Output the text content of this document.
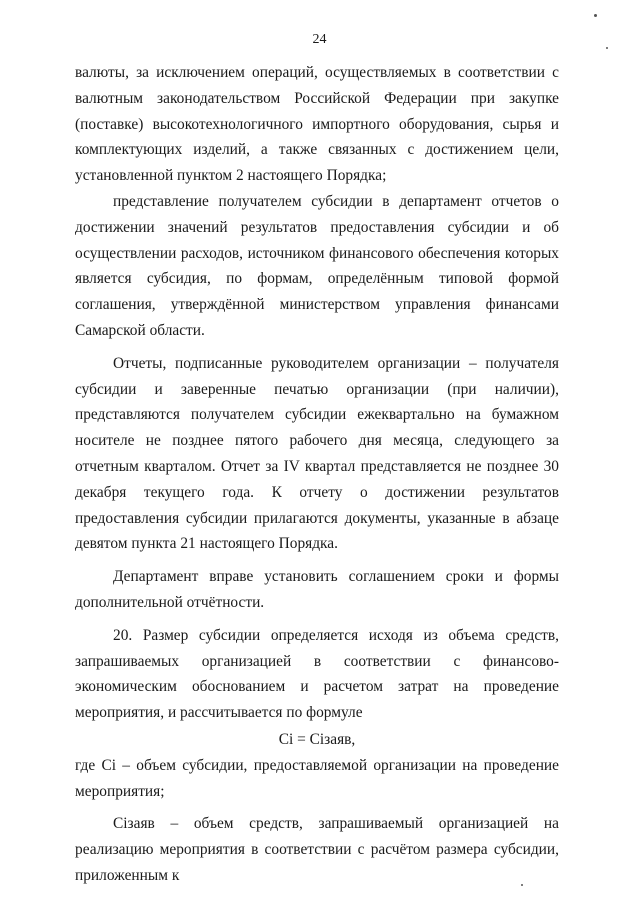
24

валюты, за исключением операций, осуществляемых в соответствии с валютным законодательством Российской Федерации при закупке (поставке) высокотехнологичного импортного оборудования, сырья и комплектующих изделий, а также связанных с достижением цели, установленной пунктом 2 настоящего Порядка;

представление получателем субсидии в департамент отчетов о достижении значений результатов предоставления субсидии и об осуществлении расходов, источником финансового обеспечения которых является субсидия, по формам, определённым типовой формой соглашения, утверждённой министерством управления финансами Самарской области.

Отчеты, подписанные руководителем организации – получателя субсидии и заверенные печатью организации (при наличии), представляются получателем субсидии ежеквартально на бумажном носителе не позднее пятого рабочего дня месяца, следующего за отчетным кварталом. Отчет за IV квартал представляется не позднее 30 декабря текущего года. К отчету о достижении результатов предоставления субсидии прилагаются документы, указанные в абзаце девятом пункта 21 настоящего Порядка.

Департамент вправе установить соглашением сроки и формы дополнительной отчётности.

20. Размер субсидии определяется исходя из объема средств, запрашиваемых организацией в соответствии с финансово-экономическим обоснованием и расчетом затрат на проведение мероприятия, и рассчитывается по формуле

Ci = Ciзаяв,

где Ci – объем субсидии, предоставляемой организации на проведение мероприятия;

Ciзаяв – объем средств, запрашиваемый организацией на реализацию мероприятия в соответствии с расчётом размера субсидии, приложенным к
